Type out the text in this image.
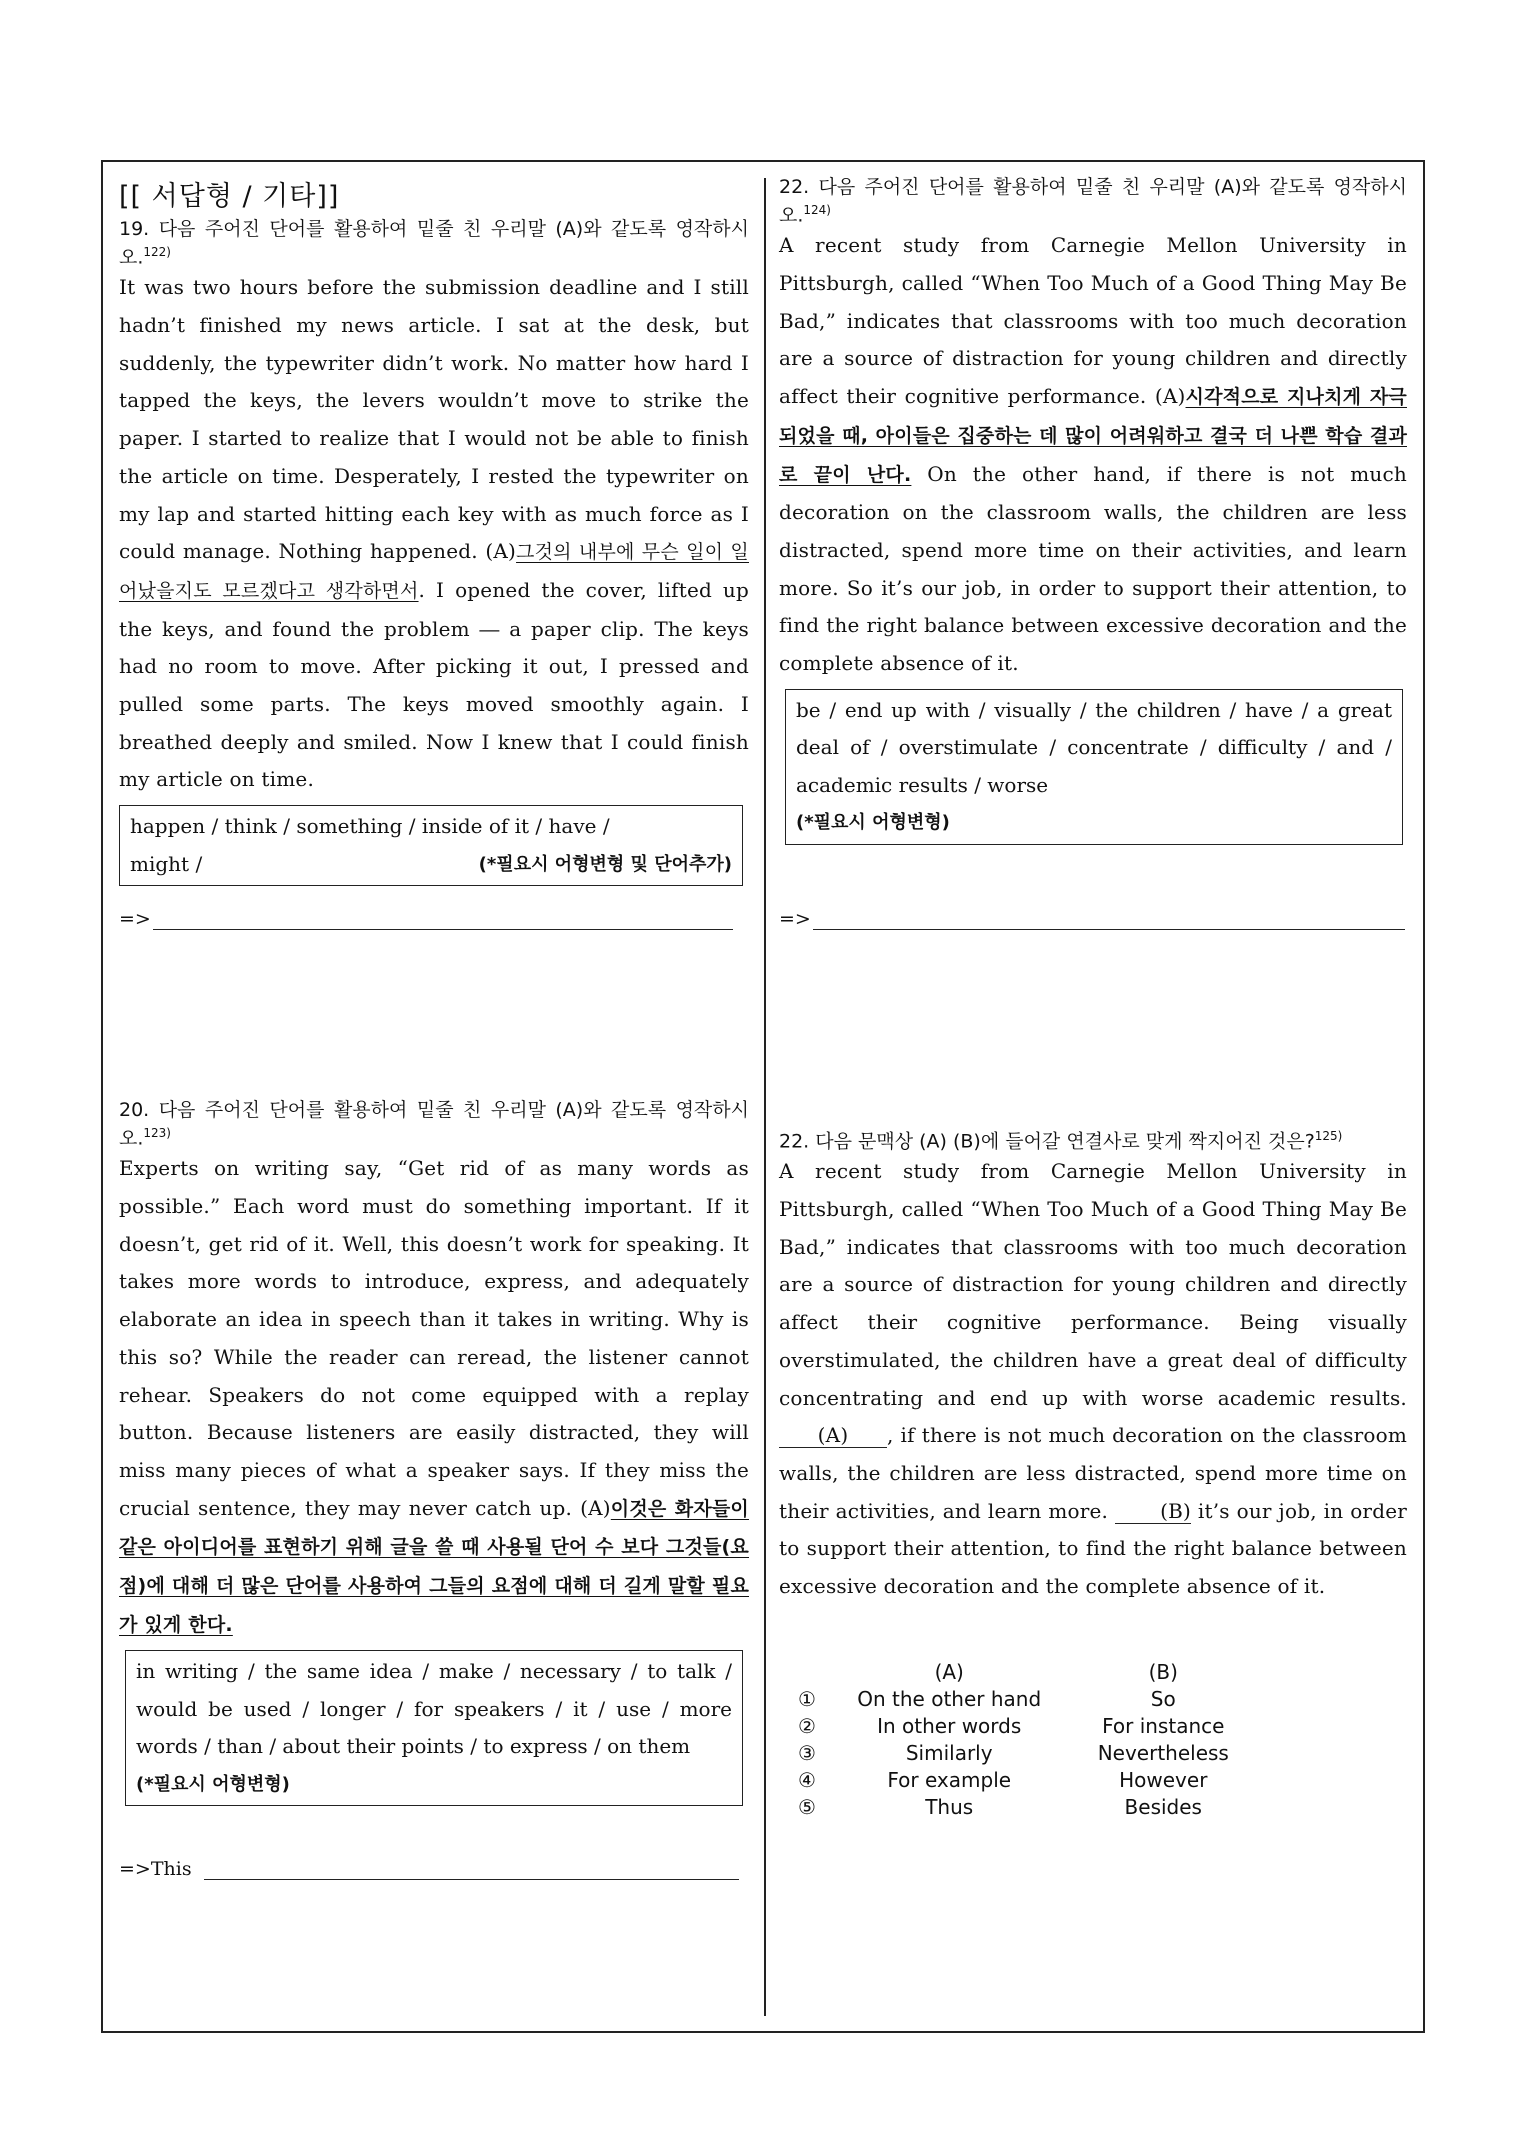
[[ 서답형 / 기타]]

19. 다음 주어진 단어를 활용하여 밑줄 친 우리말 (A)와 같도록 영작하시오.$^{122)}$

It was two hours before the submission deadline and I still hadn’t finished my news article. I sat at the desk, but suddenly, the typewriter didn’t work. No matter how hard I tapped the keys, the levers wouldn’t move to strike the paper. I started to realize that I would not be able to finish the article on time. Desperately, I rested the typewriter on my lap and started hitting each key with as much force as I could manage. Nothing happened. (A)그것의 내부에 무슨 일이 일어났을지도 모르겠다고 생각하면서. I opened the cover, lifted up the keys, and found the problem ― a paper clip. The keys had no room to move. After picking it out, I pressed and pulled some parts. The keys moved smoothly again. I breathed deeply and smiled. Now I knew that I could finish my article on time.

happen / think / something / inside of it / have /
might /	(*필요시 어형변형 및 단어추가)
=>

20. 다음 주어진 단어를 활용하여 밑줄 친 우리말 (A)와 같도록 영작하시오.$^{123)}$

Experts on writing say, “Get rid of as many words as possible.” Each word must do something important. If it doesn’t, get rid of it. Well, this doesn’t work for speaking. It takes more words to introduce, express, and adequately elaborate an idea in speech than it takes in writing. Why is this so? While the reader can reread, the listener cannot rehear. Speakers do not come equipped with a replay button. Because listeners are easily distracted, they will miss many pieces of what a speaker says. If they miss the crucial sentence, they may never catch up. (A)이것은 화자들이 같은 아이디어를 표현하기 위해 글을 쓸 때 사용될 단어 수 보다 그것들(요점)에 대해 더 많은 단어를 사용하여 그들의 요점에 대해 더 길게 말할 필요가 있게 한다.

in writing / the same idea / make / necessary / to talk / would be used / longer / for speakers / it / use / more words / than / about their points / to express / on them
(*필요시 어형변형)
=>This

22. 다음 주어진 단어를 활용하여 밑줄 친 우리말 (A)와 같도록 영작하시오.$^{124)}$

A recent study from Carnegie Mellon University in Pittsburgh, called “When Too Much of a Good Thing May Be Bad,” indicates that classrooms with too much decoration are a source of distraction for young children and directly affect their cognitive performance. (A)시각적으로 지나치게 자극되었을 때, 아이들은 집중하는 데 많이 어려워하고 결국 더 나쁜 학습 결과로 끝이 난다. On the other hand, if there is not much decoration on the classroom walls, the children are less distracted, spend more time on their activities, and learn more. So it’s our job, in order to support their attention, to find the right balance between excessive decoration and the complete absence of it.

be / end up with / visually / the children / have / a great deal of / overstimulate / concentrate / difficulty / and / academic results / worse
(*필요시 어형변형)
=>

22. 다음 문맥상 (A) (B)에 들어갈 연결사로 맞게 짝지어진 것은?$^{125)}$

A recent study from Carnegie Mellon University in Pittsburgh, called “When Too Much of a Good Thing May Be Bad,” indicates that classrooms with too much decoration are a source of distraction for young children and directly affect their cognitive performance. Being visually overstimulated, the children have a great deal of difficulty concentrating and end up with worse academic results. (A) , if there is not much decoration on the classroom walls, the children are less distracted, spend more time on their activities, and learn more. (B) it’s our job, in order to support their attention, to find the right balance between excessive decoration and the complete absence of it.

(A)	(B)
①	On the other hand	So
②	In other words	For instance
③	Similarly	Nevertheless
④	For example	However
⑤	Thus	Besides
